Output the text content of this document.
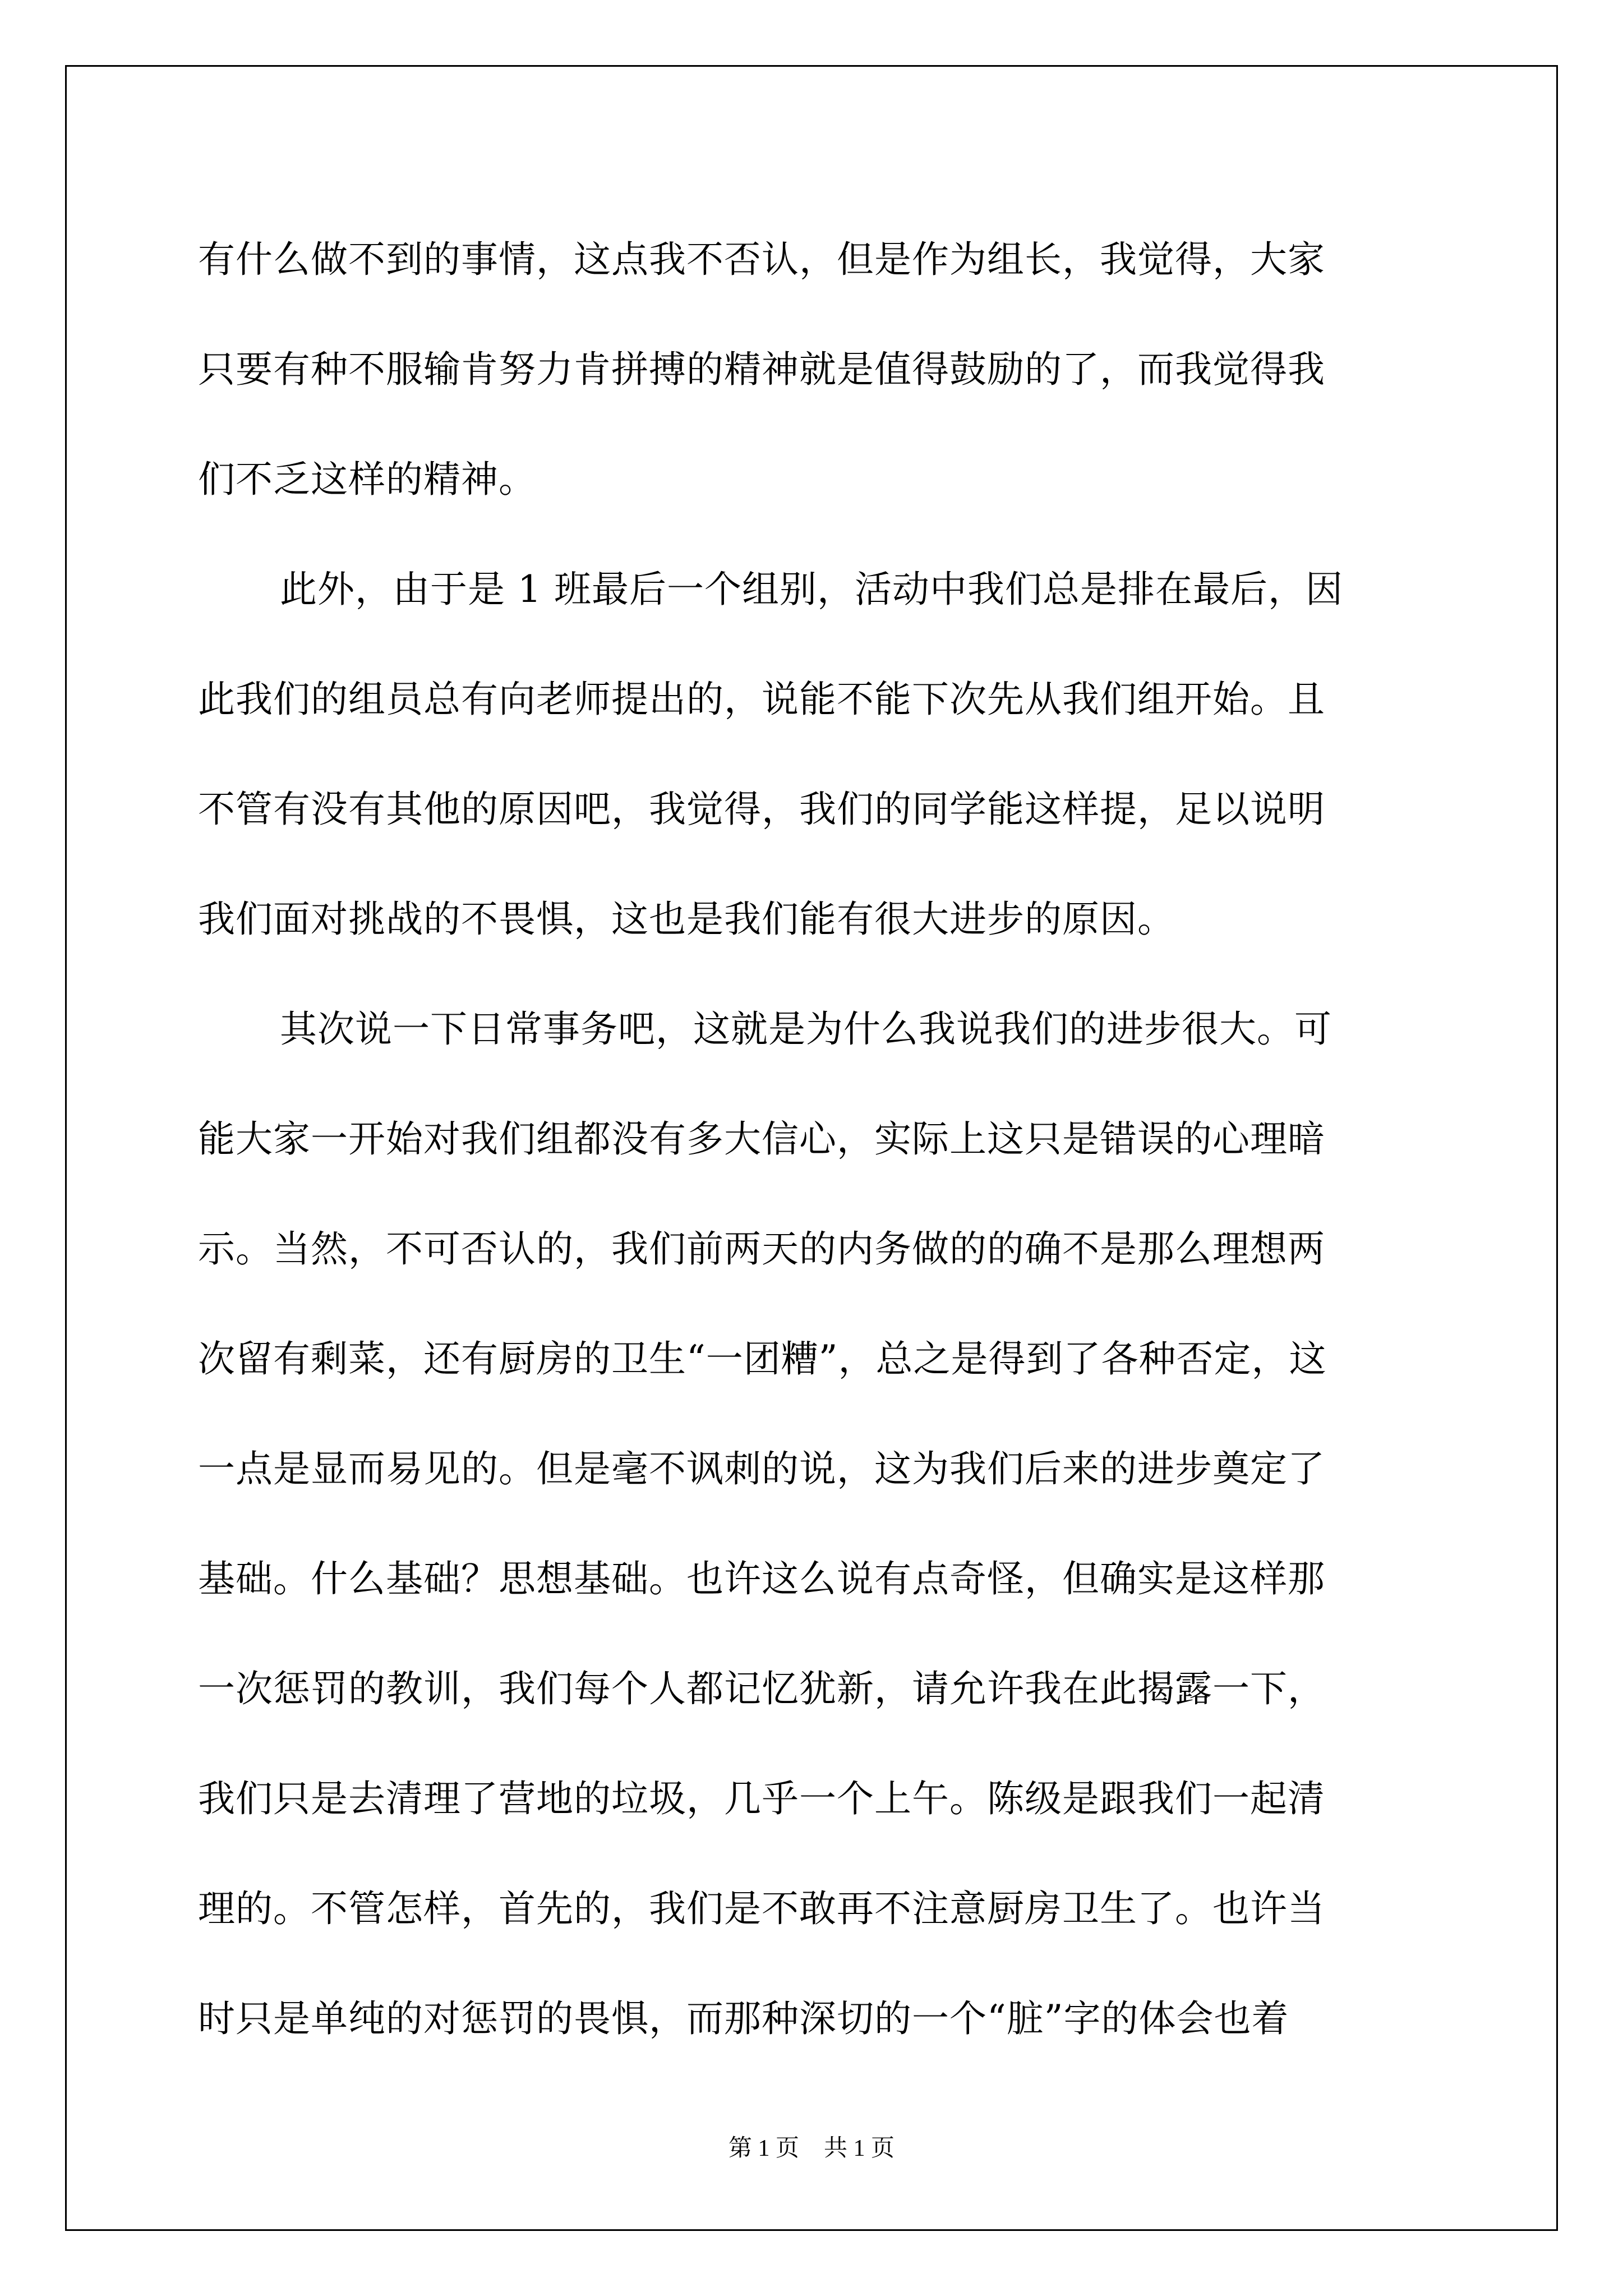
有什么做不到的事情，这点我不否认，但是作为组长，我觉得，大家
只要有种不服输肯努力肯拼搏的精神就是值得鼓励的了，而我觉得我
们不乏这样的精神。
此外，由于是 1 班最后一个组别，活动中我们总是排在最后，因
此我们的组员总有向老师提出的，说能不能下次先从我们组开始。且
不管有没有其他的原因吧，我觉得，我们的同学能这样提，足以说明
我们面对挑战的不畏惧，这也是我们能有很大进步的原因。
其次说一下日常事务吧，这就是为什么我说我们的进步很大。可
能大家一开始对我们组都没有多大信心，实际上这只是错误的心理暗
示。当然，不可否认的，我们前两天的内务做的的确不是那么理想两
次留有剩菜，还有厨房的卫生“一团糟”，总之是得到了各种否定，这
一点是显而易见的。但是毫不讽刺的说，这为我们后来的进步奠定了
基础。什么基础？思想基础。也许这么说有点奇怪，但确实是这样那
一次惩罚的教训，我们每个人都记忆犹新，请允许我在此揭露一下，
我们只是去清理了营地的垃圾，几乎一个上午。陈级是跟我们一起清
理的。不管怎样，首先的，我们是不敢再不注意厨房卫生了。也许当
时只是单纯的对惩罚的畏惧，而那种深切的一个“脏”字的体会也着
第 1 页 共 1 页
